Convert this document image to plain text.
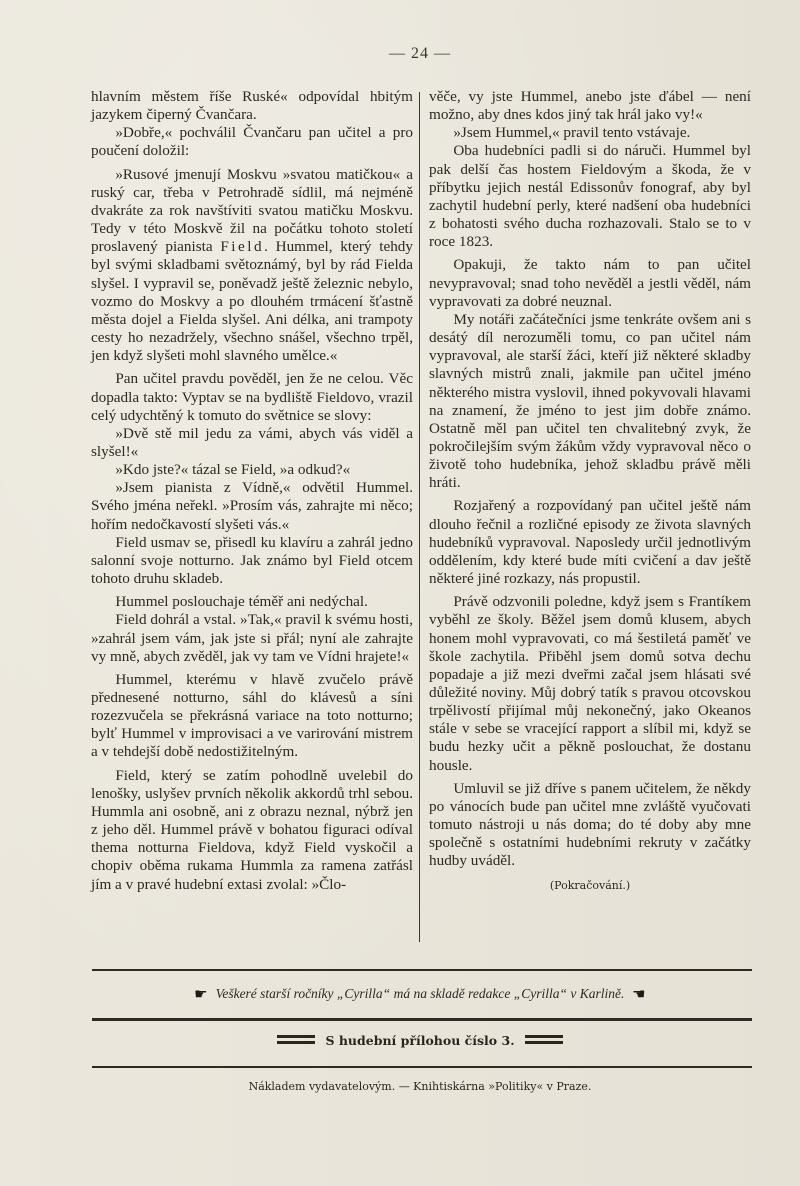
— 24 —

hlavním městem říše Ruské« odpovídal hbitým jazykem čiperný Čvančara.

»Dobře,« pochválil Čvančaru pan učitel a pro poučení doložil:

»Rusové jmenují Moskvu »svatou matičkou« a ruský car, třeba v Petrohradě sídlil, má nejméně dvakráte za rok navštíviti svatou matičku Moskvu. Tedy v této Moskvě žil na počátku tohoto století proslavený pianista Field. Hummel, který tehdy byl svými skladbami světoznámý, byl by rád Fielda slyšel. I vypravil se, poněvadž ještě železnic nebylo, vozmo do Moskvy a po dlouhém trmácení šťastně města dojel a Fielda slyšel. Ani délka, ani trampoty cesty ho nezadržely, všechno snášel, všechno trpěl, jen když slyšeti mohl slavného umělce.«

Pan učitel pravdu pověděl, jen že ne celou. Věc dopadla takto: Vyptav se na bydliště Fieldovo, vrazil celý udychtěný k tomuto do světnice se slovy:

»Dvě stě mil jedu za vámi, abych vás viděl a slyšel!«

»Kdo jste?« tázal se Field, »a odkud?«

»Jsem pianista z Vídně,« odvětil Hummel. Svého jména neřekl. »Prosím vás, zahrajte mi něco; hořím nedočkavostí slyšeti vás.«

Field usmav se, přisedl ku klavíru a zahrál jedno salonní svoje notturno. Jak známo byl Field otcem tohoto druhu skladeb.

Hummel poslouchaje téměř ani nedýchal.

Field dohrál a vstal. »Tak,« pravil k svému hosti, »zahrál jsem vám, jak jste si přál; nyní ale zahrajte vy mně, abych zvěděl, jak vy tam ve Vídni hrajete!«

Hummel, kterému v hlavě zvučelo právě přednesené notturno, sáhl do klávesů a síni rozezvučela se překrásná variace na toto notturno; bylť Hummel v improvisaci a ve varirování mistrem a v tehdejší době nedostižitelným.

Field, který se zatím pohodlně uvelebil do lenošky, uslyšev prvních několik akkordů trhl sebou. Hummla ani osobně, ani z obrazu neznal, nýbrž jen z jeho děl. Hummel právě v bohatou figuraci odíval thema notturna Fieldova, když Field vyskočil a chopiv oběma rukama Hummla za ramena zatřásl jím a v pravé hudební extasi zvolal: »Člo-

věče, vy jste Hummel, anebo jste ďábel — není možno, aby dnes kdos jiný tak hrál jako vy!«

»Jsem Hummel,« pravil tento vstávaje.

Oba hudebníci padli si do náruči. Hummel byl pak delší čas hostem Fieldovým a škoda, že v příbytku jejich nestál Edissonův fonograf, aby byl zachytil hudební perly, které nadšení oba hudebníci z bohatosti svého ducha rozhazovali. Stalo se to v roce 1823.

Opakuji, že takto nám to pan učitel nevypravoval; snad toho nevěděl a jestli věděl, nám vypravovati za dobré neuznal.

My notáři začátečníci jsme tenkráte ovšem ani s desátý díl nerozuměli tomu, co pan učitel nám vypravoval, ale starší žáci, kteří již některé skladby slavných mistrů znali, jakmile pan učitel jméno některého mistra vyslovil, ihned pokyvovali hlavami na znamení, že jméno to jest jim dobře známo. Ostatně měl pan učitel ten chvalitebný zvyk, že pokročilejším svým žákům vždy vypravoval něco o životě toho hudebníka, jehož skladbu právě měli hráti.

Rozjařený a rozpovídaný pan učitel ještě nám dlouho řečnil a rozličné episody ze života slavných hudebníků vypravoval. Naposledy určil jednotlivým oddělením, kdy které bude míti cvičení a dav ještě některé jiné rozkazy, nás propustil.

Právě odzvonili poledne, když jsem s Frantíkem vyběhl ze školy. Běžel jsem domů klusem, abych honem mohl vypravovati, co má šestiletá paměť ve škole zachytila. Přiběhl jsem domů sotva dechu popadaje a již mezi dveřmi začal jsem hlásati své důležité noviny. Můj dobrý tatík s pravou otcovskou trpělivostí přijímal můj nekonečný, jako Okeanos stále v sebe se vracející rapport a slíbil mi, když se budu hezky učit a pěkně poslouchat, že dostanu housle.

Umluvil se již dříve s panem učitelem, že někdy po vánocích bude pan učitel mne zvláště vyučovati tomuto nástroji u nás doma; do té doby aby mne společně s ostatními hudebními rekruty v začátky hudby uváděl.

(Pokračování.)

☛ Veškeré starší ročníky „Cyrilla“ má na skladě redakce „Cyrilla“ v Karlině. ☛
S hudební přílohou číslo 3.
Nákladem vydavatelovým. — Knihtiskárna »Politiky« v Praze.
